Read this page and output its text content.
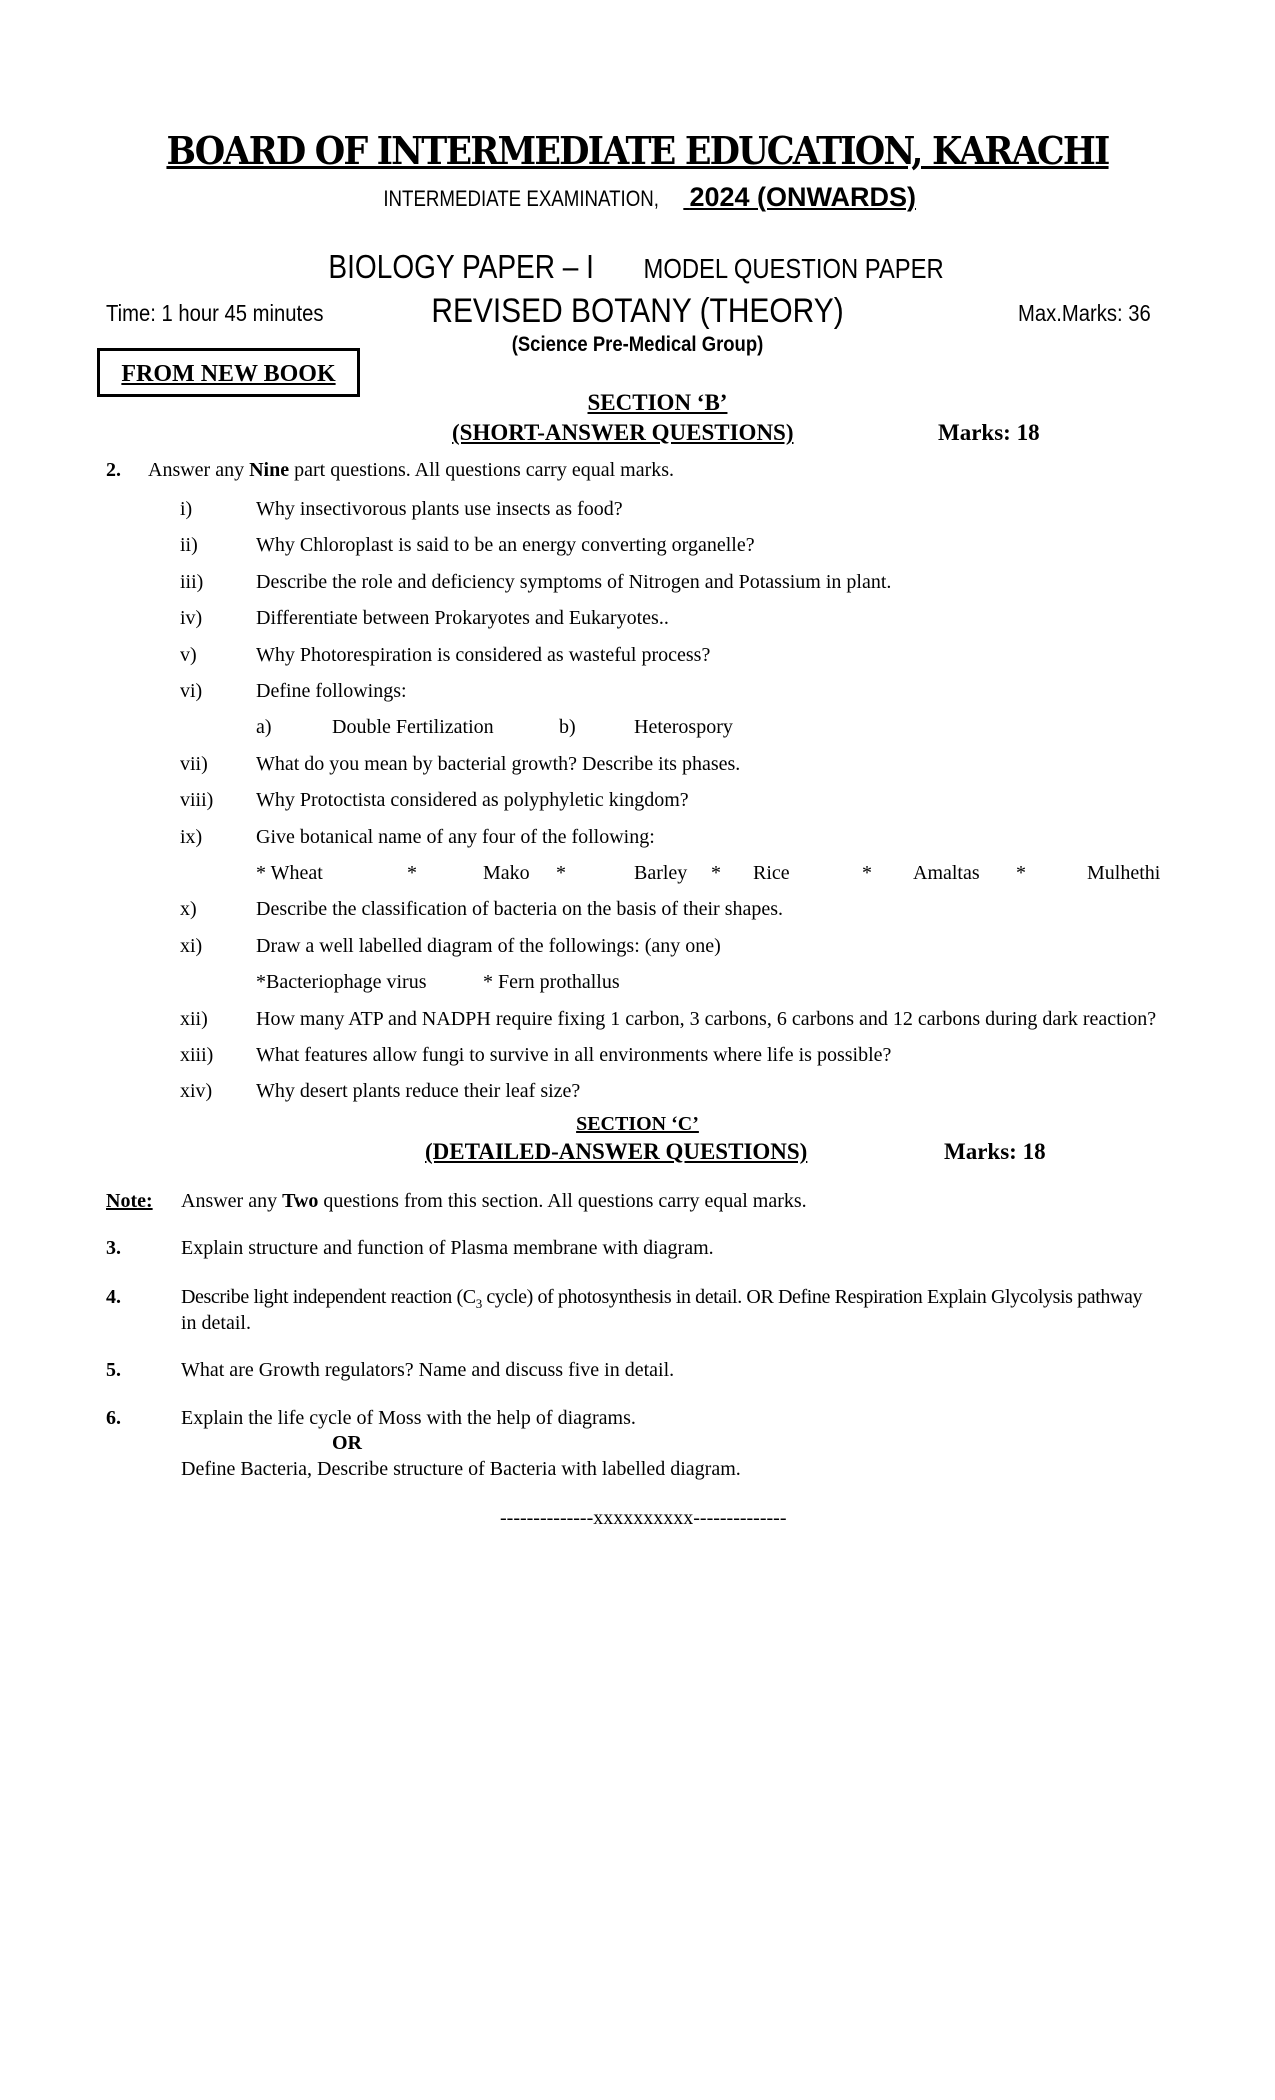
BOARD OF INTERMEDIATE EDUCATION, KARACHI
INTERMEDIATE EXAMINATION, 2024 (ONWARDS)
BIOLOGY PAPER – I MODEL QUESTION PAPER
Time: 1 hour 45 minutes	REVISED BOTANY (THEORY)	Max.Marks: 36
(Science Pre-Medical Group)
FROM NEW BOOK
SECTION ‘B’
(SHORT-ANSWER QUESTIONS)	Marks: 18
2. Answer any Nine part questions. All questions carry equal marks.
i)	Why insectivorous plants use insects as food?
ii)	Why Chloroplast is said to be an energy converting organelle?
iii)	Describe the role and deficiency symptoms of Nitrogen and Potassium in plant.
iv)	Differentiate between Prokaryotes and Eukaryotes..
v)	Why Photorespiration is considered as wasteful process?
vi)	Define followings:
vii) What do you mean by bacterial growth? Describe its phases.
viii) Why Protoctista considered as polyphyletic kingdom?
ix)	Give botanical name of any four of the following:
x)	Describe the classification of bacteria on the basis of their shapes.
xi)	Draw a well labelled diagram of the followings: (any one)
xii) How many ATP and NADPH require fixing 1 carbon, 3 carbons, 6 carbons and 12 carbons during dark reaction?
xiii) What features allow fungi to survive in all environments where life is possible?
xiv) Why desert plants reduce their leaf size?
a)	Double Fertilization	b)	Heterospory
* Wheat	*	Mako *	Barley * Rice	* Amaltas *	Mulhethi
*Bacteriophage virus	* Fern prothallus
SECTION ‘C’
(DETAILED-ANSWER QUESTIONS)	Marks: 18
Note: Answer any Two questions from this section. All questions carry equal marks.
3.	Explain structure and function of Plasma membrane with diagram.
4.	Describe light independent reaction ($C_3$ cycle) of photosynthesis in detail. OR Define Respiration Explain Glycolysis pathway
in detail.
5.	What are Growth regulators? Name and discuss five in detail.
6.	Explain the life cycle of Moss with the help of diagrams.
OR
Define Bacteria, Describe structure of Bacteria with labelled diagram.
--------------xxxxxxxxxx--------------
